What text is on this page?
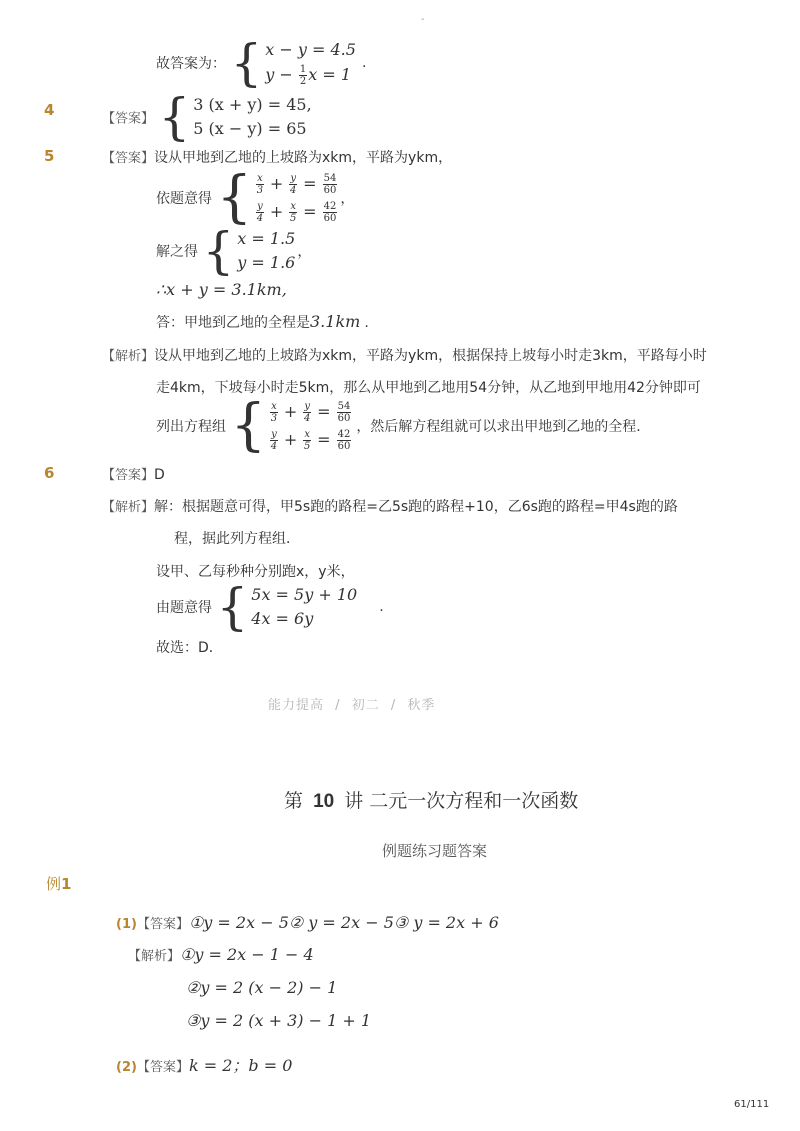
-
故答案为： { x − y = 4.5
$y - \frac{1}{2}$ x = 1
.
4	【答案】 { 3 (x + y) = 45,
5 (x − y) = 65
5	【答案】设从甲地到乙地的上坡路为xkm，平路为ykm，
依题意得 { $\frac{x}{3} + \frac{y}{4} = \frac{54}{60}$
$\frac{y}{4} + \frac{x}{5} = \frac{42}{60}$
，
解之得 { x = 1.5
y = 1.6
，
∴x + y = 3.1km,
答：甲地到乙地的全程是3.1km .
【解析】设从甲地到乙地的上坡路为xkm，平路为ykm，根据保持上坡每小时走3km，平路每小时
走4km，下坡每小时走5km，那么从甲地到乙地用54分钟，从乙地到甲地用42分钟即可
列出方程组 { $\frac{x}{3} + \frac{y}{4} = \frac{54}{60}$
$\frac{y}{4} + \frac{x}{5} = \frac{42}{60}$
，然后解方程组就可以求出甲地到乙地的全程．
6	【答案】D
【解析】解：根据题意可得，甲5s跑的路程=乙5s跑的路程+10，乙6s跑的路程=甲4s跑的路
程，据此列方程组．
设甲、乙每秒种分别跑x，y米，
由题意得 { 5x = 5y + 10
4x = 6y
.
故选：D．
能力提高 / 初二 / 秋季
第 10 讲 二元一次方程和一次函数
例题练习题答案
例1
(1)【答案】①y = 2x − 5② y = 2x − 5③ y = 2x + 6
【解析】①y = 2x − 1 − 4
②y = 2 (x − 2) − 1
③y = 2 (x + 3) − 1 + 1
(2)【答案】k = 2；b = 0
61/111
